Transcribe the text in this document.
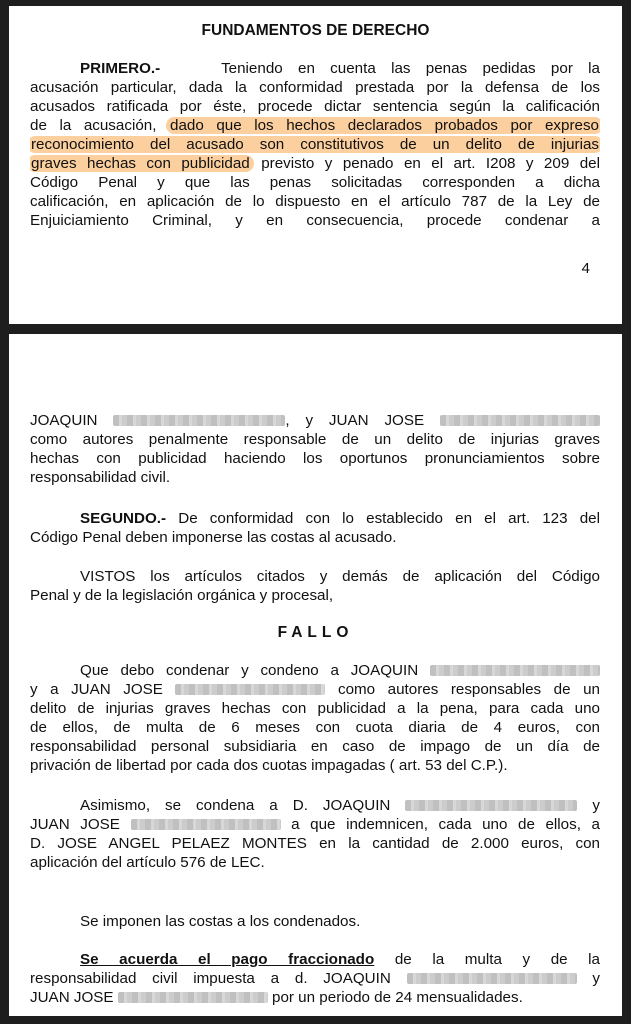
FUNDAMENTOS DE DERECHO
PRIMERO.-	Teniendo en cuenta las penas pedidas por la
acusación particular, dada la conformidad prestada por la defensa de los
acusados ratificada por éste, procede dictar sentencia según la calificación
de la acusación, dado que los hechos declarados probados por expreso
reconocimiento del acusado son constitutivos de un delito de injurias
graves hechas con publicidad previsto y penado en el art. I208 y 209 del
Código Penal y que las penas solicitadas corresponden a dicha
calificación, en aplicación de lo dispuesto en el artículo 787 de la Ley de
Enjuiciamiento Criminal, y en consecuencia, procede condenar a
4
JOAQUIN	, y JUAN JOSE
como autores penalmente responsable de un delito de injurias graves
hechas con publicidad haciendo los oportunos pronunciamientos sobre
responsabilidad civil.
SEGUNDO.- De conformidad con lo establecido en el art. 123 del
Código Penal deben imponerse las costas al acusado.
VISTOS los artículos citados y demás de aplicación del Código
Penal y de la legislación orgánica y procesal,
FALLO
Que debo condenar y condeno a JOAQUIN
y a JUAN JOSE	como autores responsables de un
delito de injurias graves hechas con publicidad a la pena, para cada uno
de ellos, de multa de 6 meses con cuota diaria de 4 euros, con
responsabilidad personal subsidiaria en caso de impago de un día de
privación de libertad por cada dos cuotas impagadas ( art. 53 del C.P.).
Asimismo, se condena a D. JOAQUIN	y
JUAN JOSE	a que indemnicen, cada uno de ellos, a
D. JOSE ANGEL PELAEZ MONTES en la cantidad de 2.000 euros, con
aplicación del artículo 576 de LEC.
Se imponen las costas a los condenados.
Se acuerda el pago fraccionado de la multa y de la
responsabilidad civil impuesta a d. JOAQUIN	y
JUAN JOSE	por un periodo de 24 mensualidades.
